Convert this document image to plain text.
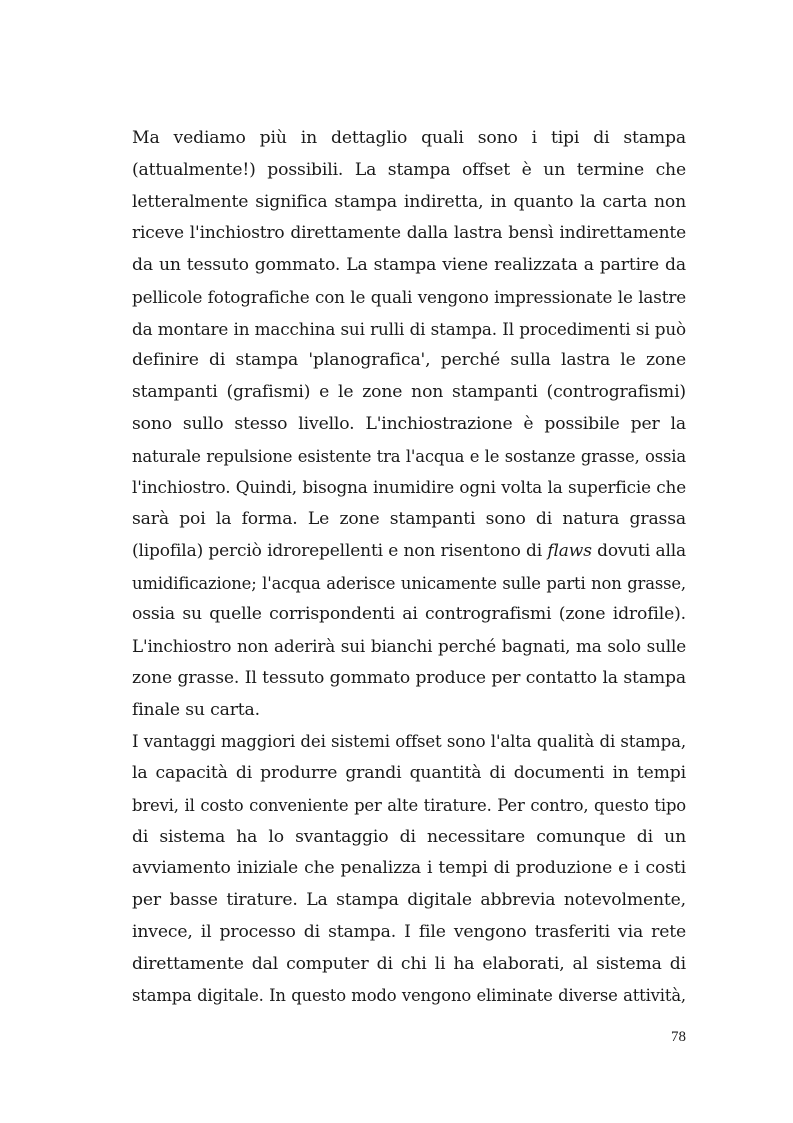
Ma vediamo più in dettaglio quali sono i tipi di stampa
(attualmente!) possibili. La stampa offset è un termine che
letteralmente significa stampa indiretta, in quanto la carta non
riceve l'inchiostro direttamente dalla lastra bensì indirettamente
da un tessuto gommato. La stampa viene realizzata a partire da
pellicole fotografiche con le quali vengono impressionate le lastre
da montare in macchina sui rulli di stampa. Il procedimenti si può
definire di stampa 'planografica', perché sulla lastra le zone
stampanti (grafismi) e le zone non stampanti (contrografismi)
sono sullo stesso livello. L'inchiostrazione è possibile per la
naturale repulsione esistente tra l'acqua e le sostanze grasse, ossia
l'inchiostro. Quindi, bisogna inumidire ogni volta la superficie che
sarà poi la forma. Le zone stampanti sono di natura grassa
(lipofila) perciò idrorepellenti e non risentono di flaws dovuti alla
umidificazione; l'acqua aderisce unicamente sulle parti non grasse,
ossia su quelle corrispondenti ai contrografismi (zone idrofile).
L'inchiostro non aderirà sui bianchi perché bagnati, ma solo sulle
zone grasse. Il tessuto gommato produce per contatto la stampa
finale su carta.
I vantaggi maggiori dei sistemi offset sono l'alta qualità di stampa,
la capacità di produrre grandi quantità di documenti in tempi
brevi, il costo conveniente per alte tirature. Per contro, questo tipo
di sistema ha lo svantaggio di necessitare comunque di un
avviamento iniziale che penalizza i tempi di produzione e i costi
per basse tirature. La stampa digitale abbrevia notevolmente,
invece, il processo di stampa. I file vengono trasferiti via rete
direttamente dal computer di chi li ha elaborati, al sistema di
stampa digitale. In questo modo vengono eliminate diverse attività,
78
